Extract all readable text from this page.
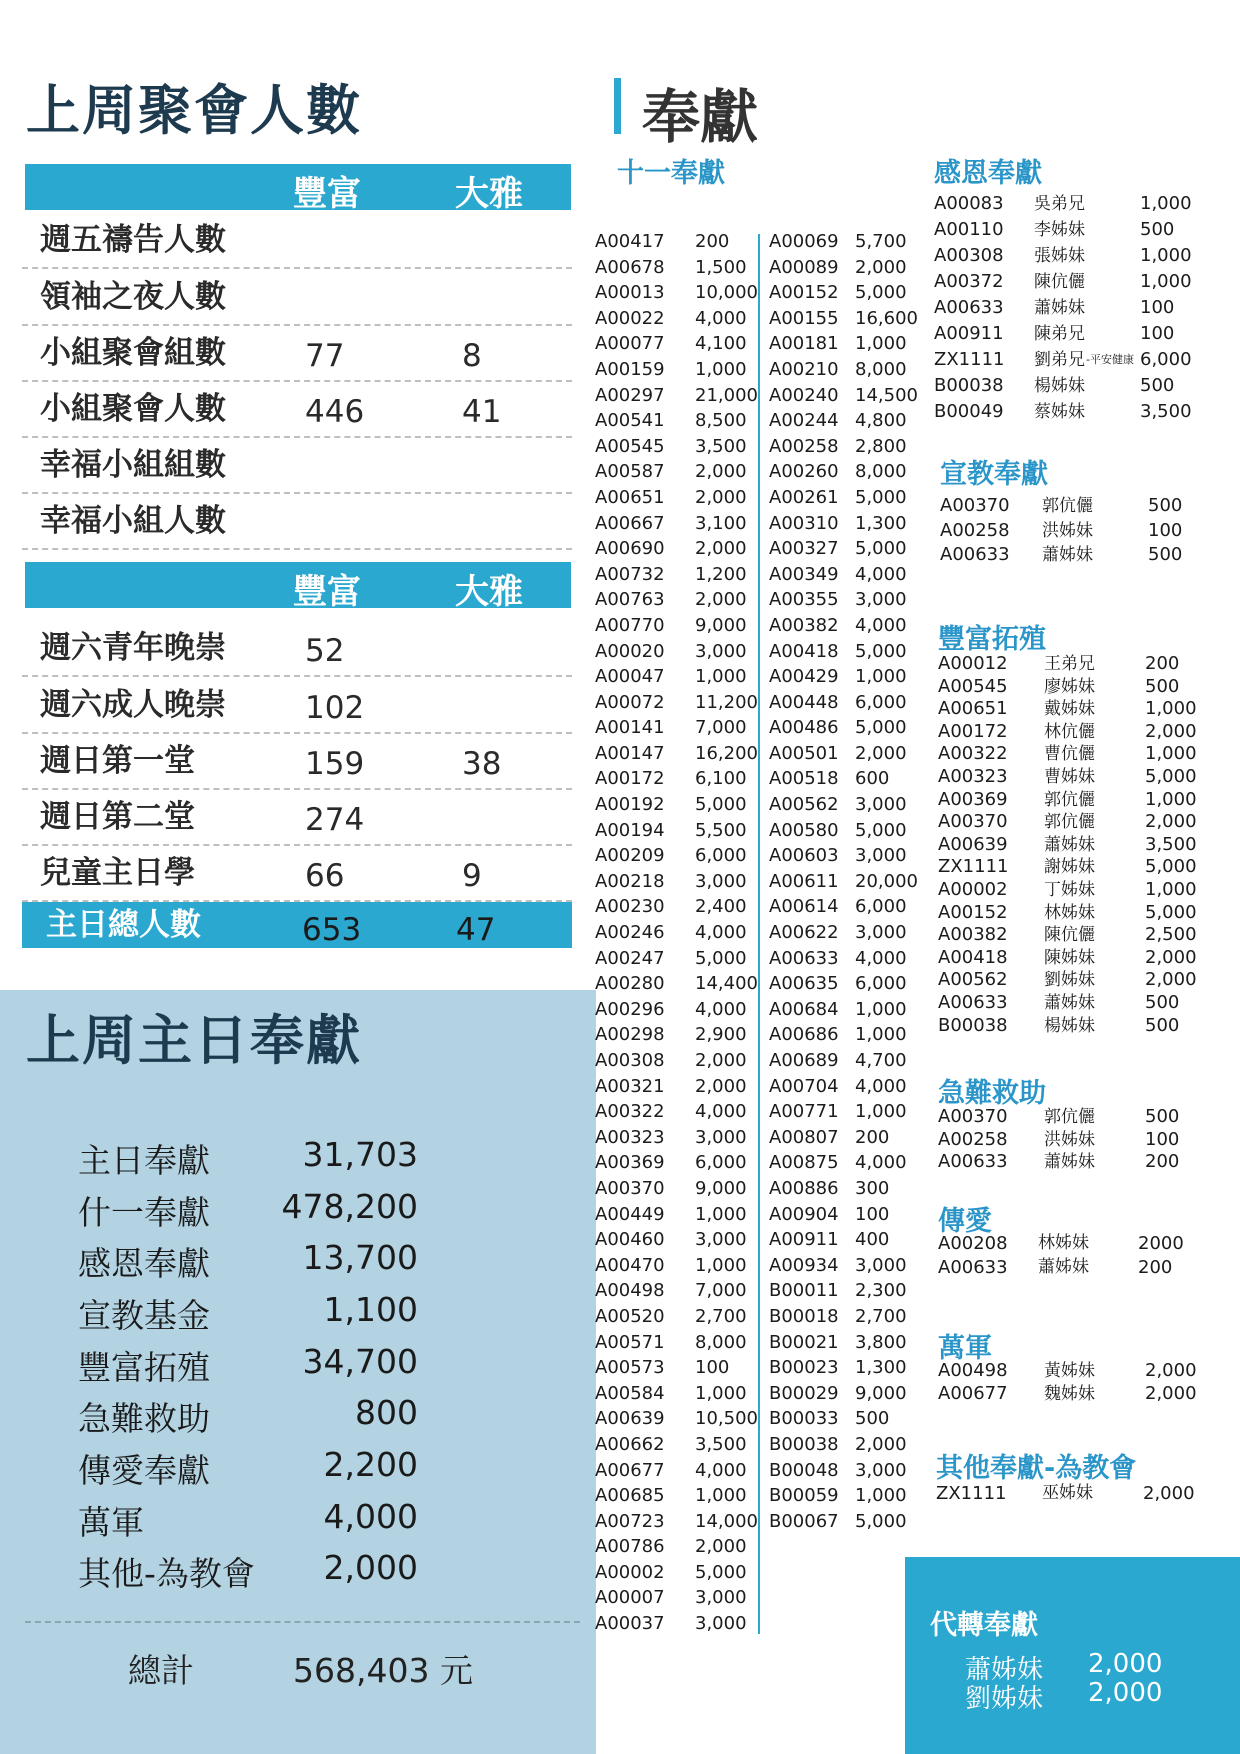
上周聚會人數
豐富	大雅
週五禱告人數
領袖之夜人數
小組聚會組數	77	8
小組聚會人數	446	41
幸福小組組數
幸福小組人數
豐富	大雅
週六青年晚崇	52
週六成人晚崇	102
週日第一堂	159	38
週日第二堂	274
兒童主日學	66	9
主日總人數	653	47
上周主日奉獻
主日奉獻	31,703
什一奉獻 478,200
感恩奉獻	13,700
宣教基金	1,100
豐富拓殖	34,700
急難救助	800
傳愛奉獻	2,200
萬軍	4,000
其他-為教會 2,000
總計	568,403 元
奉獻
十一奉獻
A00417 200
A00678 1,500
A00013 10,000
A00022 4,000
A00077 4,100
A00159 1,000
A00297 21,000
A00541 8,500
A00545 3,500
A00587 2,000
A00651 2,000
A00667 3,100
A00690 2,000
A00732 1,200
A00763 2,000
A00770 9,000
A00020 3,000
A00047 1,000
A00072 11,200
A00141 7,000
A00147 16,200
A00172 6,100
A00192 5,000
A00194 5,500
A00209 6,000
A00218 3,000
A00230 2,400
A00246 4,000
A00247 5,000
A00280 14,400
A00296 4,000
A00298 2,900
A00308 2,000
A00321 2,000
A00322 4,000
A00323 3,000
A00369 6,000
A00370 9,000
A00449 1,000
A00460 3,000
A00470 1,000
A00498 7,000
A00520 2,700
A00571 8,000
A00573 100
A00584 1,000
A00639 10,500
A00662 3,500
A00677 4,000
A00685 1,000
A00723 14,000
A00786 2,000
A00002 5,000
A00007 3,000
A00037 3,000
A00069 5,700
A00089 2,000
A00152 5,000
A00155 16,600
A00181 1,000
A00210 8,000
A00240 14,500
A00244 4,800
A00258 2,800
A00260 8,000
A00261 5,000
A00310 1,300
A00327 5,000
A00349 4,000
A00355 3,000
A00382 4,000
A00418 5,000
A00429 1,000
A00448 6,000
A00486 5,000
A00501 2,000
A00518 600
A00562 3,000
A00580 5,000
A00603 3,000
A00611 20,000
A00614 6,000
A00622 3,000
A00633 4,000
A00635 6,000
A00684 1,000
A00686 1,000
A00689 4,700
A00704 4,000
A00771 1,000
A00807 200
A00875 4,000
A00886 300
A00904 100
A00911 400
A00934 3,000
B00011 2,300
B00018 2,700
B00021 3,800
B00023 1,300
B00029 9,000
B00033 500
B00038 2,000
B00048 3,000
B00059 1,000
B00067 5,000
感恩奉獻
A00083 吳弟兄	1,000
A00110 李姊妹	500
A00308 張姊妹	1,000
A00372 陳伉儷	1,000
A00633 蕭姊妹	100
A00911 陳弟兄	100
ZX1111 劉弟兄 -平安健康 6,000
B00038 楊姊妹	500
B00049 蔡姊妹	3,500
宣教奉獻
A00370 郭伉儷	500
A00258 洪姊妹	100
A00633 蕭姊妹	500
豐富拓殖
A00012 王弟兄	200
A00545 廖姊妹	500
A00651 戴姊妹	1,000
A00172 林伉儷	2,000
A00322 曹伉儷	1,000
A00323 曹姊妹	5,000
A00369 郭伉儷	1,000
A00370 郭伉儷	2,000
A00639 蕭姊妹	3,500
ZX1111 謝姊妹	5,000
A00002 丁姊妹	1,000
A00152 林姊妹	5,000
A00382 陳伉儷	2,500
A00418 陳姊妹	2,000
A00562 劉姊妹	2,000
A00633 蕭姊妹	500
B00038 楊姊妹	500
急難救助
A00370 郭伉儷	500
A00258 洪姊妹	100
A00633 蕭姊妹	200
傳愛
A00208 林姊妹	2000
A00633 蕭姊妹	200
萬軍
A00498 黃姊妹	2,000
A00677 魏姊妹	2,000
其他奉獻-為教會
ZX1111 巫姊妹	2,000
代轉奉獻
蕭姊妹 2,000
劉姊妹 2,000
